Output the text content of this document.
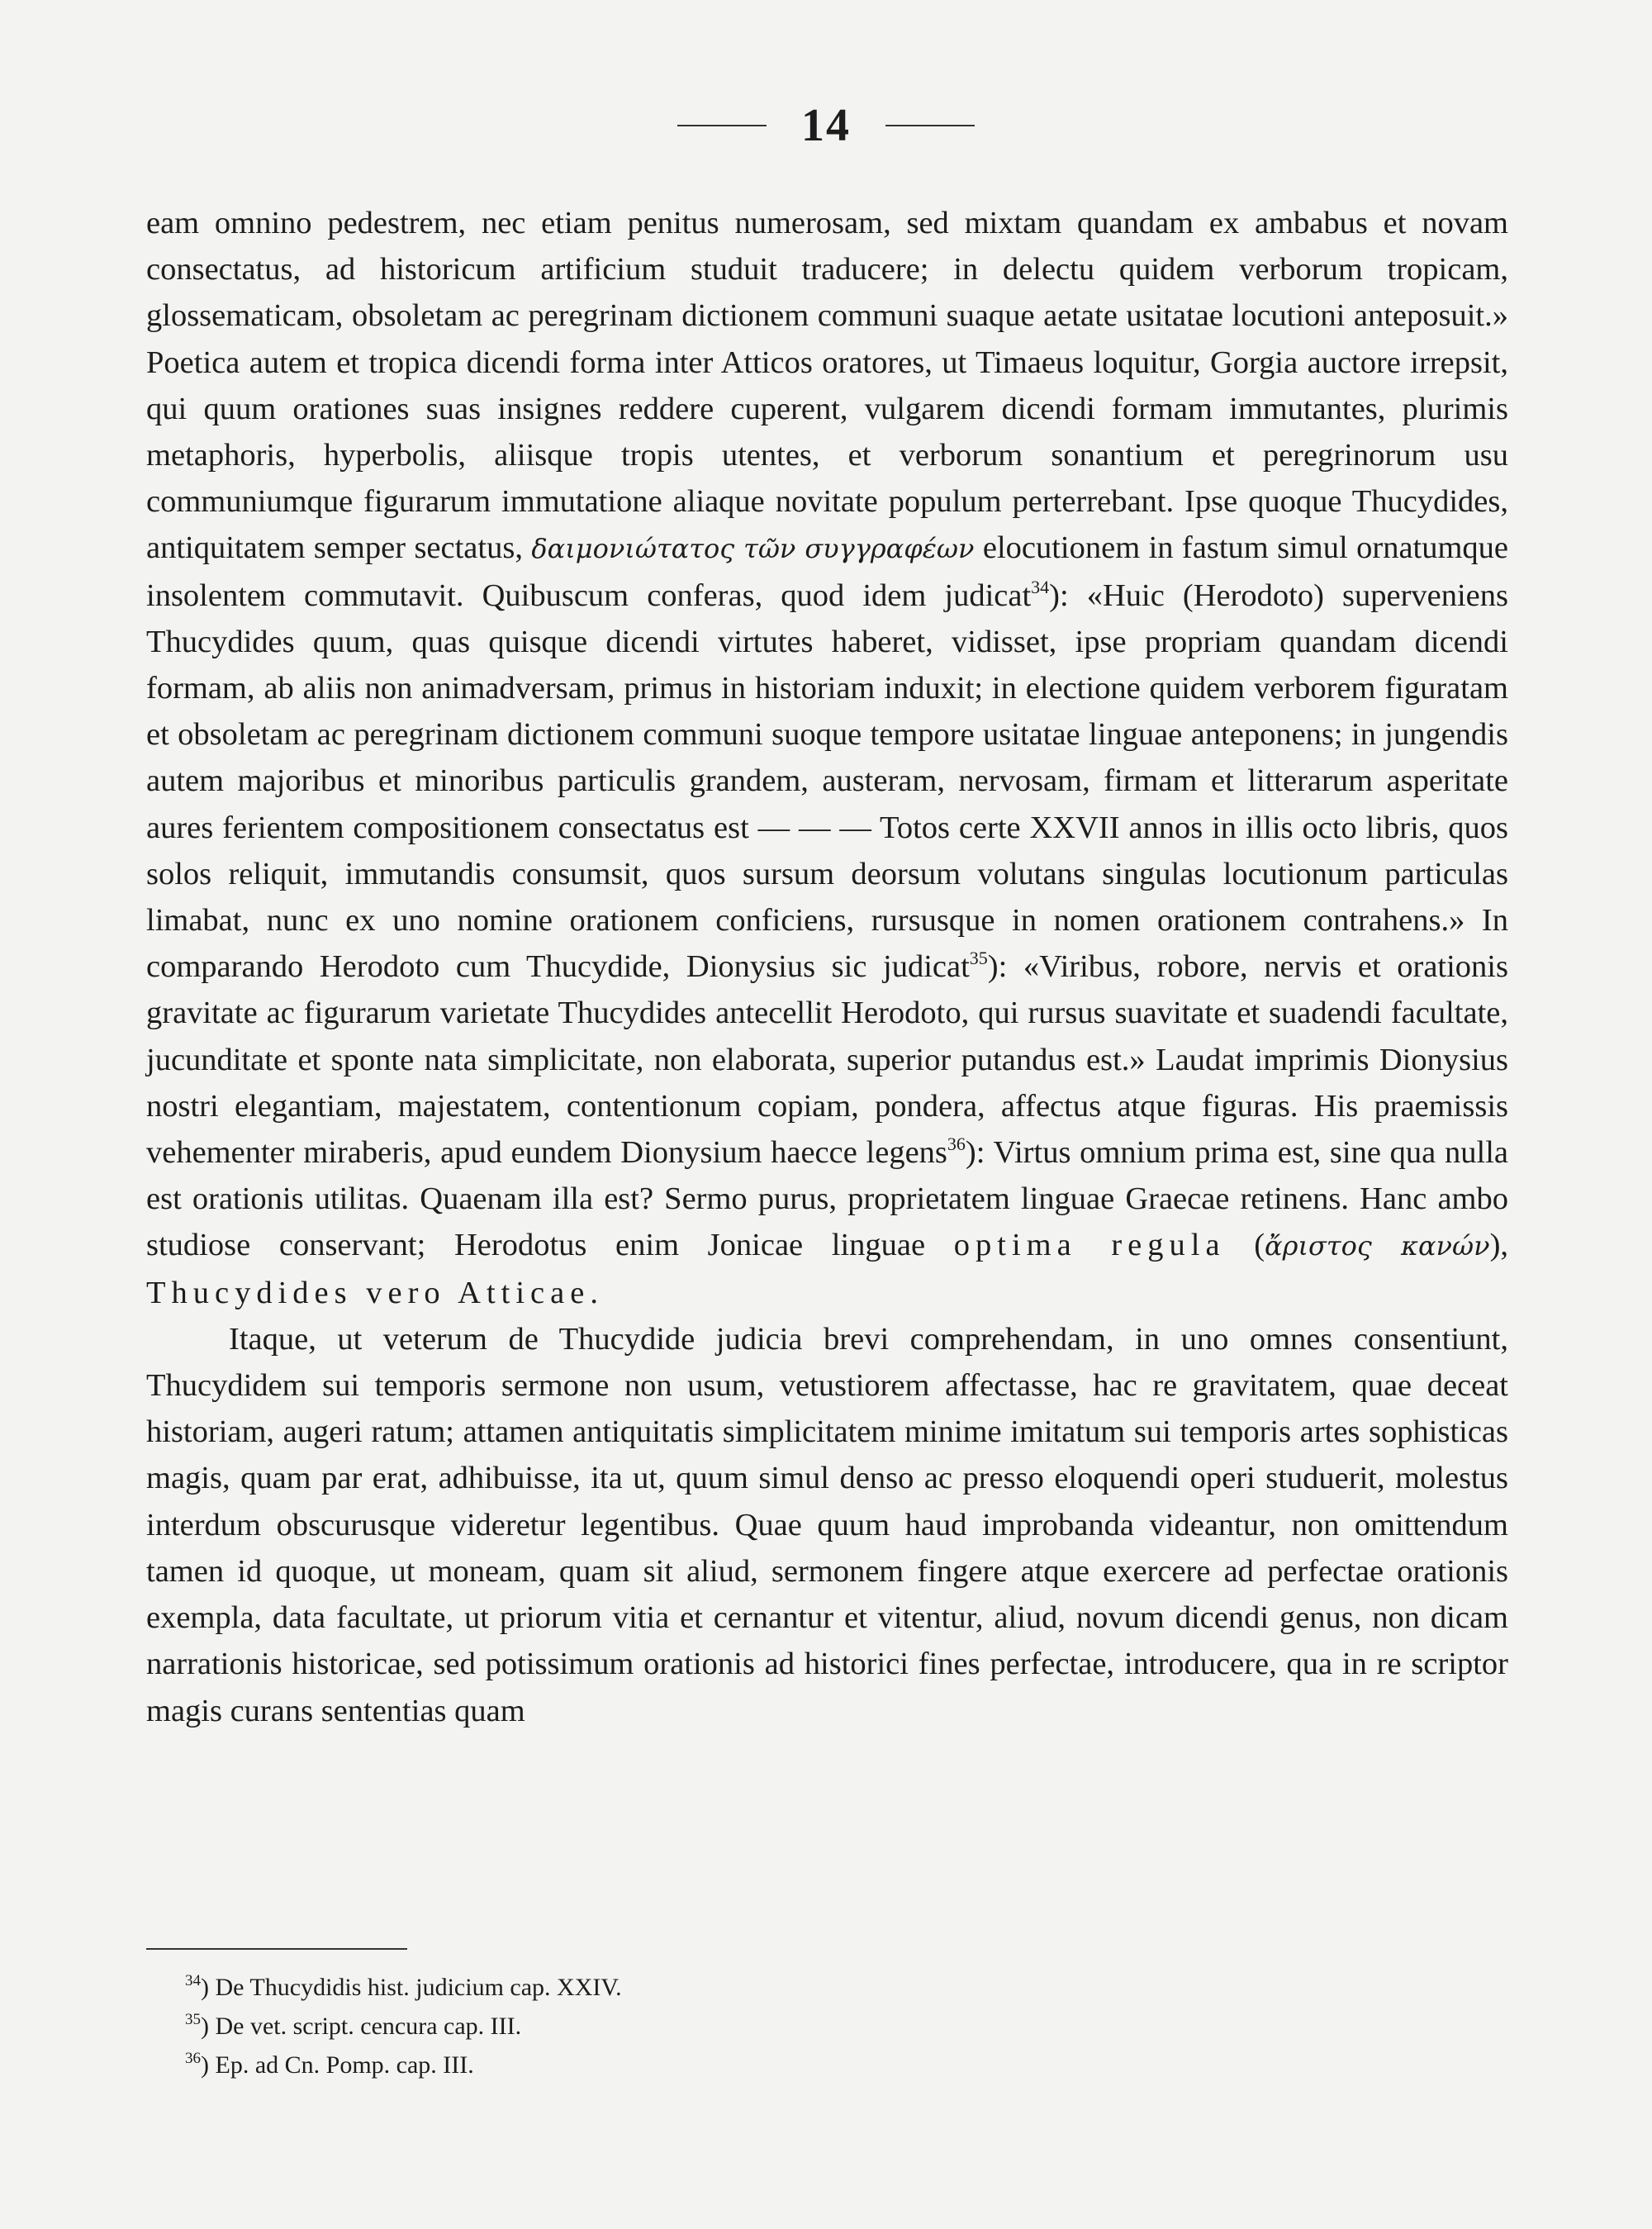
14

eam omnino pedestrem, nec etiam penitus numerosam, sed mixtam quandam ex ambabus et novam consectatus, ad historicum artificium studuit traducere; in delectu quidem verborum tropicam, glossematicam, obsoletam ac peregrinam dictionem communi suaque aetate usitatae locutioni anteposuit.» Poetica autem et tropica dicendi forma inter Atticos oratores, ut Timaeus loquitur, Gorgia auctore irrepsit, qui quum orationes suas insignes reddere cuperent, vulgarem dicendi formam immutantes, plurimis metaphoris, hyperbolis, aliisque tropis utentes, et verborum sonantium et peregrinorum usu communiumque figurarum immutatione aliaque novitate populum perterrebant. Ipse quoque Thucydides, antiquitatem semper sectatus, δαιμονιώτατος τῶν συγγραφέων elocutionem in fastum simul ornatumque insolentem commutavit. Quibuscum conferas, quod idem judicat$^{34}$): «Huic (Herodoto) superveniens Thucydides quum, quas quisque dicendi virtutes haberet, vidisset, ipse propriam quandam dicendi formam, ab aliis non animadversam, primus in historiam induxit; in electione quidem verborem figuratam et obsoletam ac peregrinam dictionem communi suoque tempore usitatae linguae anteponens; in jungendis autem majoribus et minoribus particulis grandem, austeram, nervosam, firmam et litterarum asperitate aures ferientem compositionem consectatus est — — — Totos certe XXVII annos in illis octo libris, quos solos reliquit, immutandis consumsit, quos sursum deorsum volutans singulas locutionum particulas limabat, nunc ex uno nomine orationem conficiens, rursusque in nomen orationem contrahens.» In comparando Herodoto cum Thucydide, Dionysius sic judicat$^{35}$): «Viribus, robore, nervis et orationis gravitate ac figurarum varietate Thucydides antecellit Herodoto, qui rursus suavitate et suadendi facultate, jucunditate et sponte nata simplicitate, non elaborata, superior putandus est.» Laudat imprimis Dionysius nostri elegantiam, majestatem, contentionum copiam, pondera, affectus atque figuras. His praemissis vehementer miraberis, apud eundem Dionysium haecce legens$^{36}$): Virtus omnium prima est, sine qua nulla est orationis utilitas. Quaenam illa est? Sermo purus, proprietatem linguae Graecae retinens. Hanc ambo studiose conservant; Herodotus enim Jonicae linguae optima regula (ἄριστος κανών), Thucydides vero Atticae.

Itaque, ut veterum de Thucydide judicia brevi comprehendam, in uno omnes consentiunt, Thucydidem sui temporis sermone non usum, vetustiorem affectasse, hac re gravitatem, quae deceat historiam, augeri ratum; attamen antiquitatis simplicitatem minime imitatum sui temporis artes sophisticas magis, quam par erat, adhibuisse, ita ut, quum simul denso ac presso eloquendi operi studuerit, molestus interdum obscurusque videretur legentibus. Quae quum haud improbanda videantur, non omittendum tamen id quoque, ut moneam, quam sit aliud, sermonem fingere atque exercere ad perfectae orationis exempla, data facultate, ut priorum vitia et cernantur et vitentur, aliud, novum dicendi genus, non dicam narrationis historicae, sed potissimum orationis ad historici fines perfectae, introducere, qua in re scriptor magis curans sententias quam

$^{34}$) De Thucydidis hist. judicium cap. XXIV.
$^{35}$) De vet. script. cencura cap. III.
$^{36}$) Ep. ad Cn. Pomp. cap. III.
